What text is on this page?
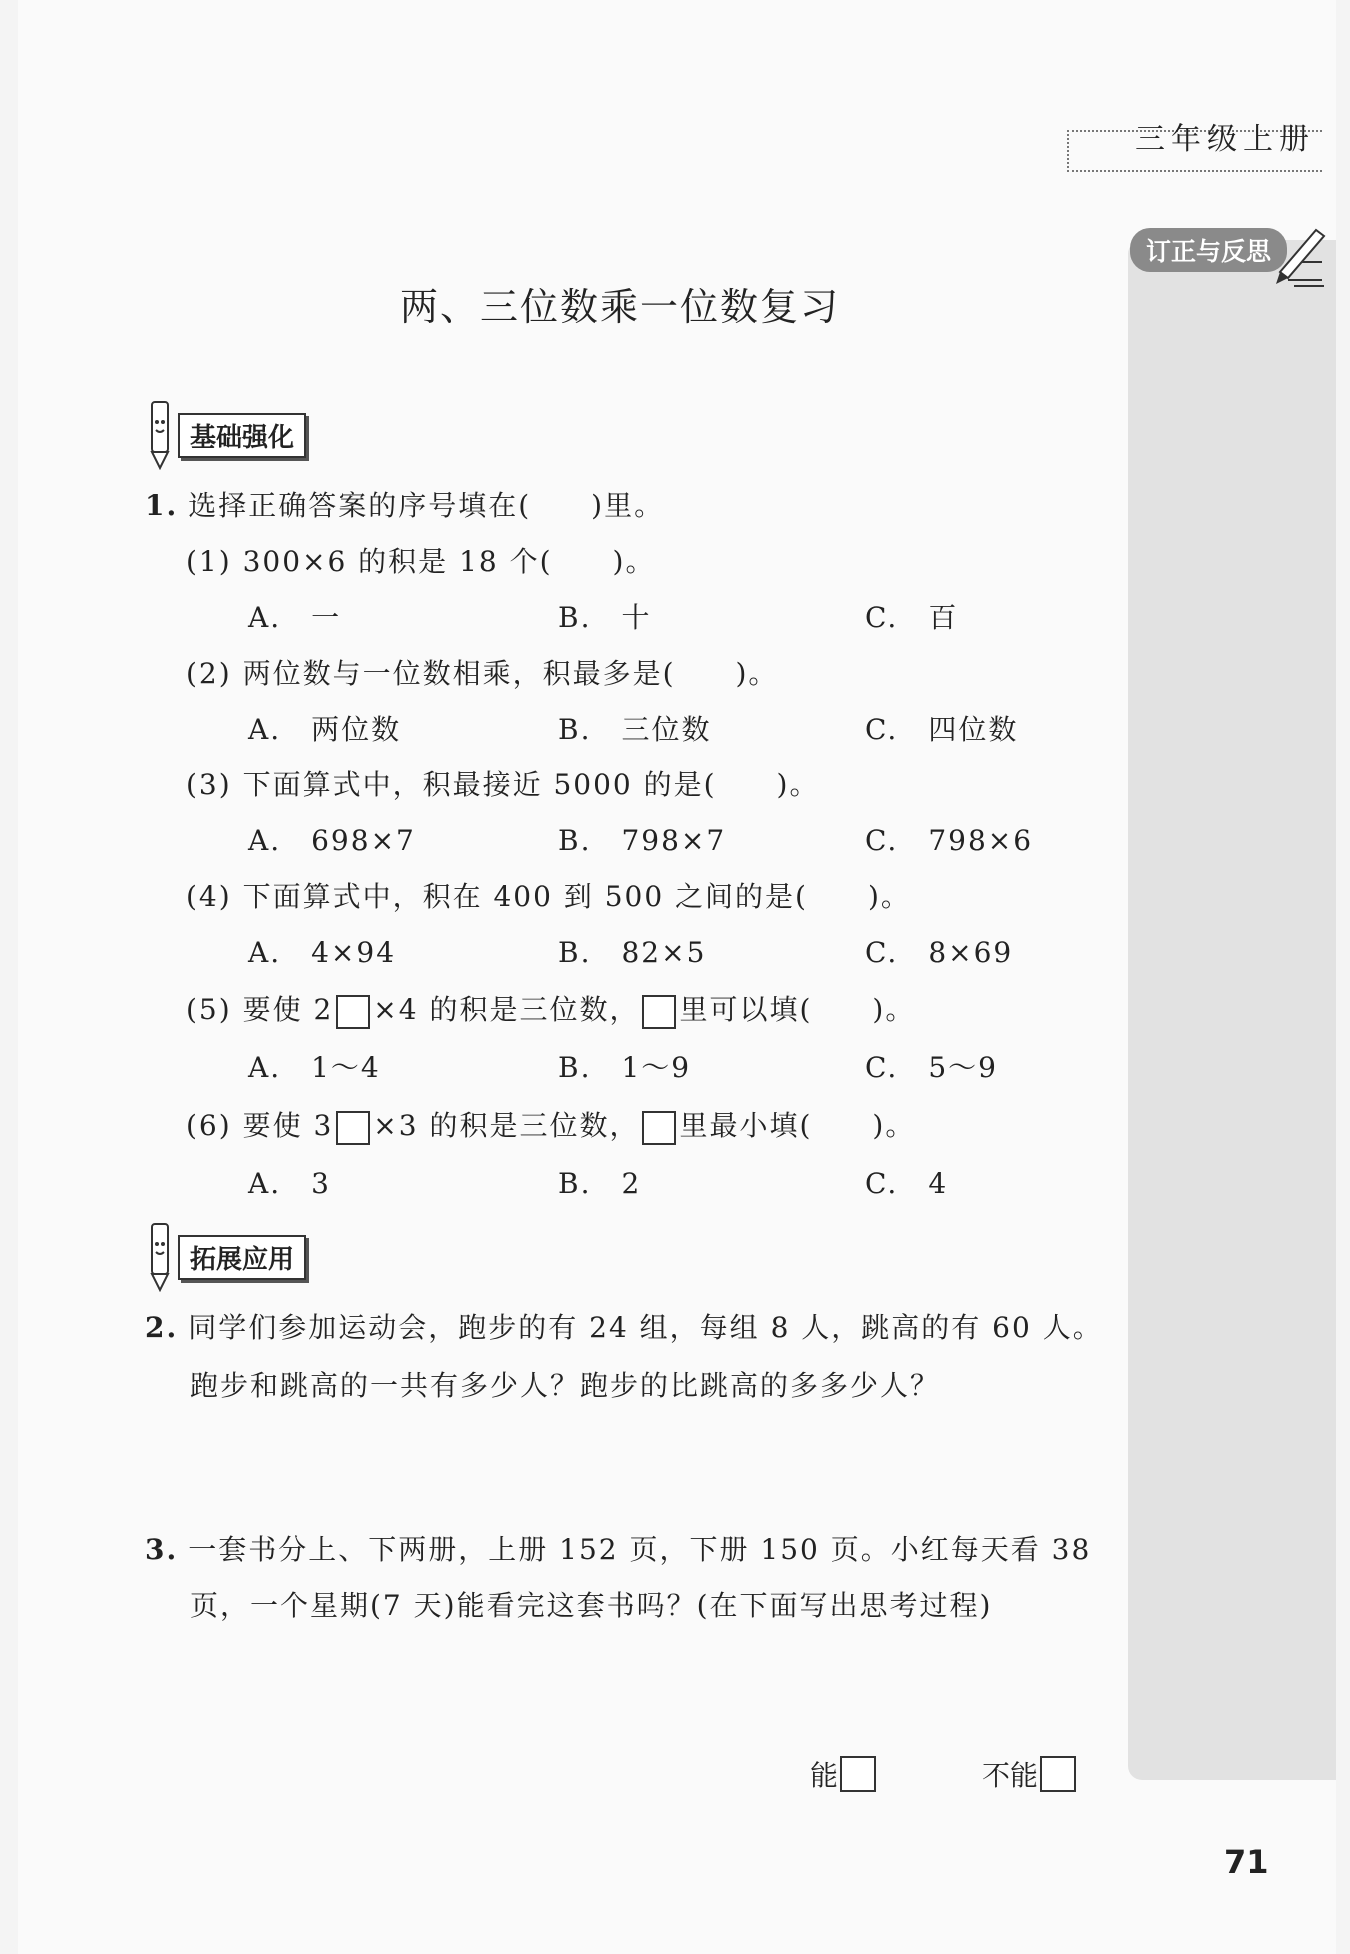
三年级上册
订正与反思
两、三位数乘一位数复习
基础强化
1. 选择正确答案的序号填在(　　)里。
(1) 300×6 的积是 18 个(　　)。
A.　一	B.　十	C.　百
(2) 两位数与一位数相乘，积最多是(　　)。
A.　两位数	B.　三位数	C.　四位数
(3) 下面算式中，积最接近 5000 的是(　　)。
A.　698×7	B.　798×7	C.　798×6
(4) 下面算式中，积在 400 到 500 之间的是(　　)。
A.　4×94	B.　82×5	C.　8×69
(5) 要使 2 ×4 的积是三位数， 里可以填(　　)。
A.　1～4	B.　1～9	C.　5～9
(6) 要使 3 ×3 的积是三位数， 里最小填(　　)。
A.　3	B.　2	C.　4
拓展应用
2. 同学们参加运动会，跑步的有 24 组，每组 8 人，跳高的有 60 人。
跑步和跳高的一共有多少人？跑步的比跳高的多多少人？
3. 一套书分上、下两册，上册 152 页，下册 150 页。小红每天看 38
页，一个星期(7 天)能看完这套书吗？(在下面写出思考过程)
能	不能
71
